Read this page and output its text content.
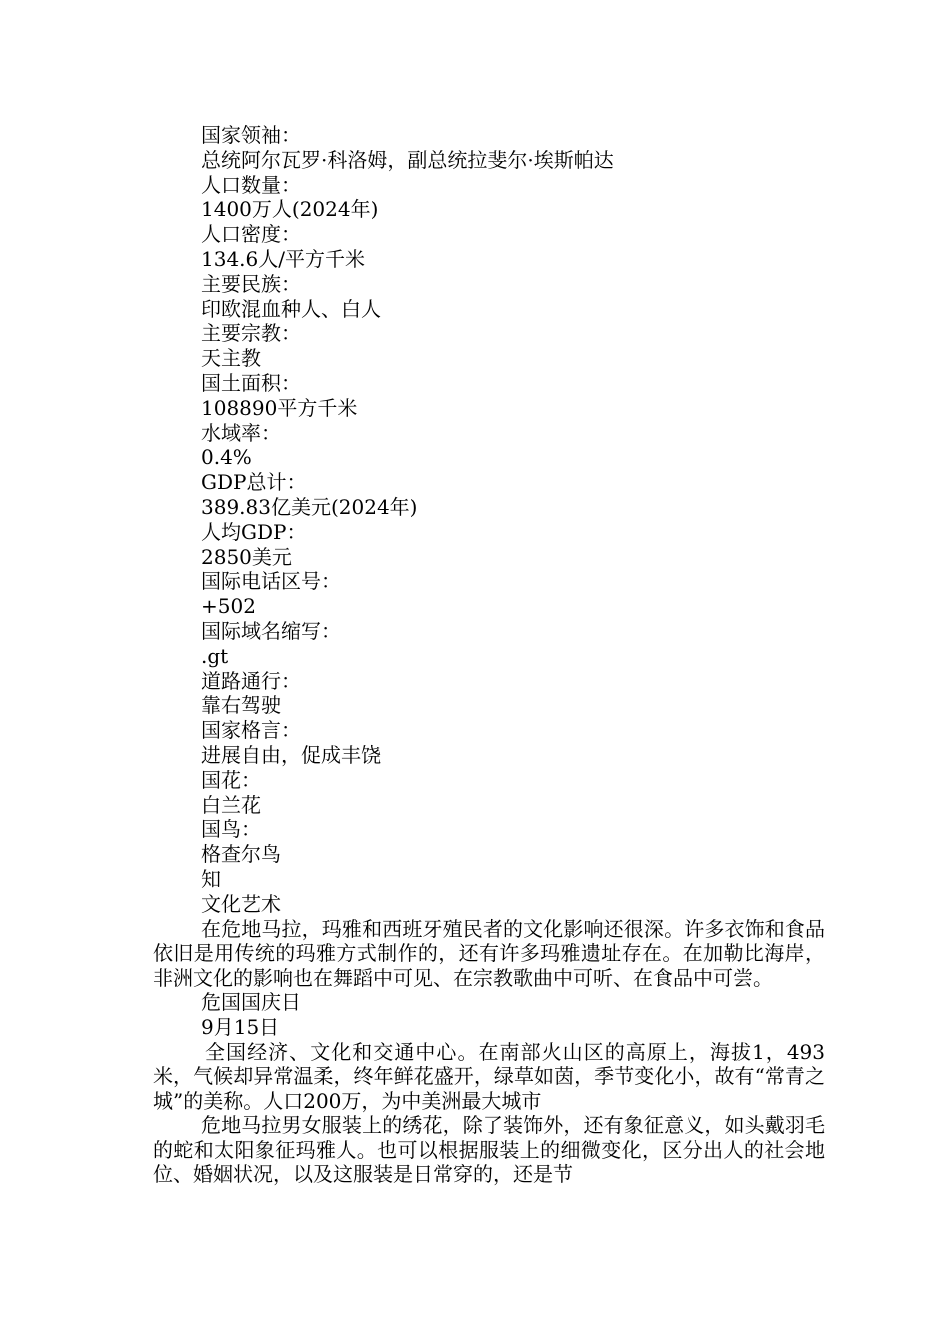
国家领袖：

总统阿尔瓦罗·科洛姆，副总统拉斐尔·埃斯帕达

人口数量：

1400万人(2024年)

人口密度：

134.6人/平方千米

主要民族：

印欧混血种人、白人

主要宗教：

天主教

国土面积：

108890平方千米

水域率：

0.4%

GDP总计：

389.83亿美元(2024年)

人均GDP：

2850美元

国际电话区号：

+502

国际域名缩写：

.gt

道路通行：

靠右驾驶

国家格言：

进展自由，促成丰饶

国花：

白兰花

国鸟：

格查尔鸟

知

文化艺术

在危地马拉，玛雅和西班牙殖民者的文化影响还很深。许多衣饰和食品依旧是用传统的玛雅方式制作的，还有许多玛雅遗址存在。在加勒比海岸，非洲文化的影响也在舞蹈中可见、在宗教歌曲中可听、在食品中可尝。

危国国庆日

9月15日

全国经济、文化和交通中心。在南部火山区的高原上，海拔1，493米，气候却异常温柔，终年鲜花盛开，绿草如茵，季节变化小，故有“常青之城”的美称。人口200万，为中美洲最大城市

危地马拉男女服装上的绣花，除了装饰外，还有象征意义，如头戴羽毛的蛇和太阳象征玛雅人。也可以根据服装上的细微变化，区分出人的社会地位、婚姻状况，以及这服装是日常穿的，还是节
